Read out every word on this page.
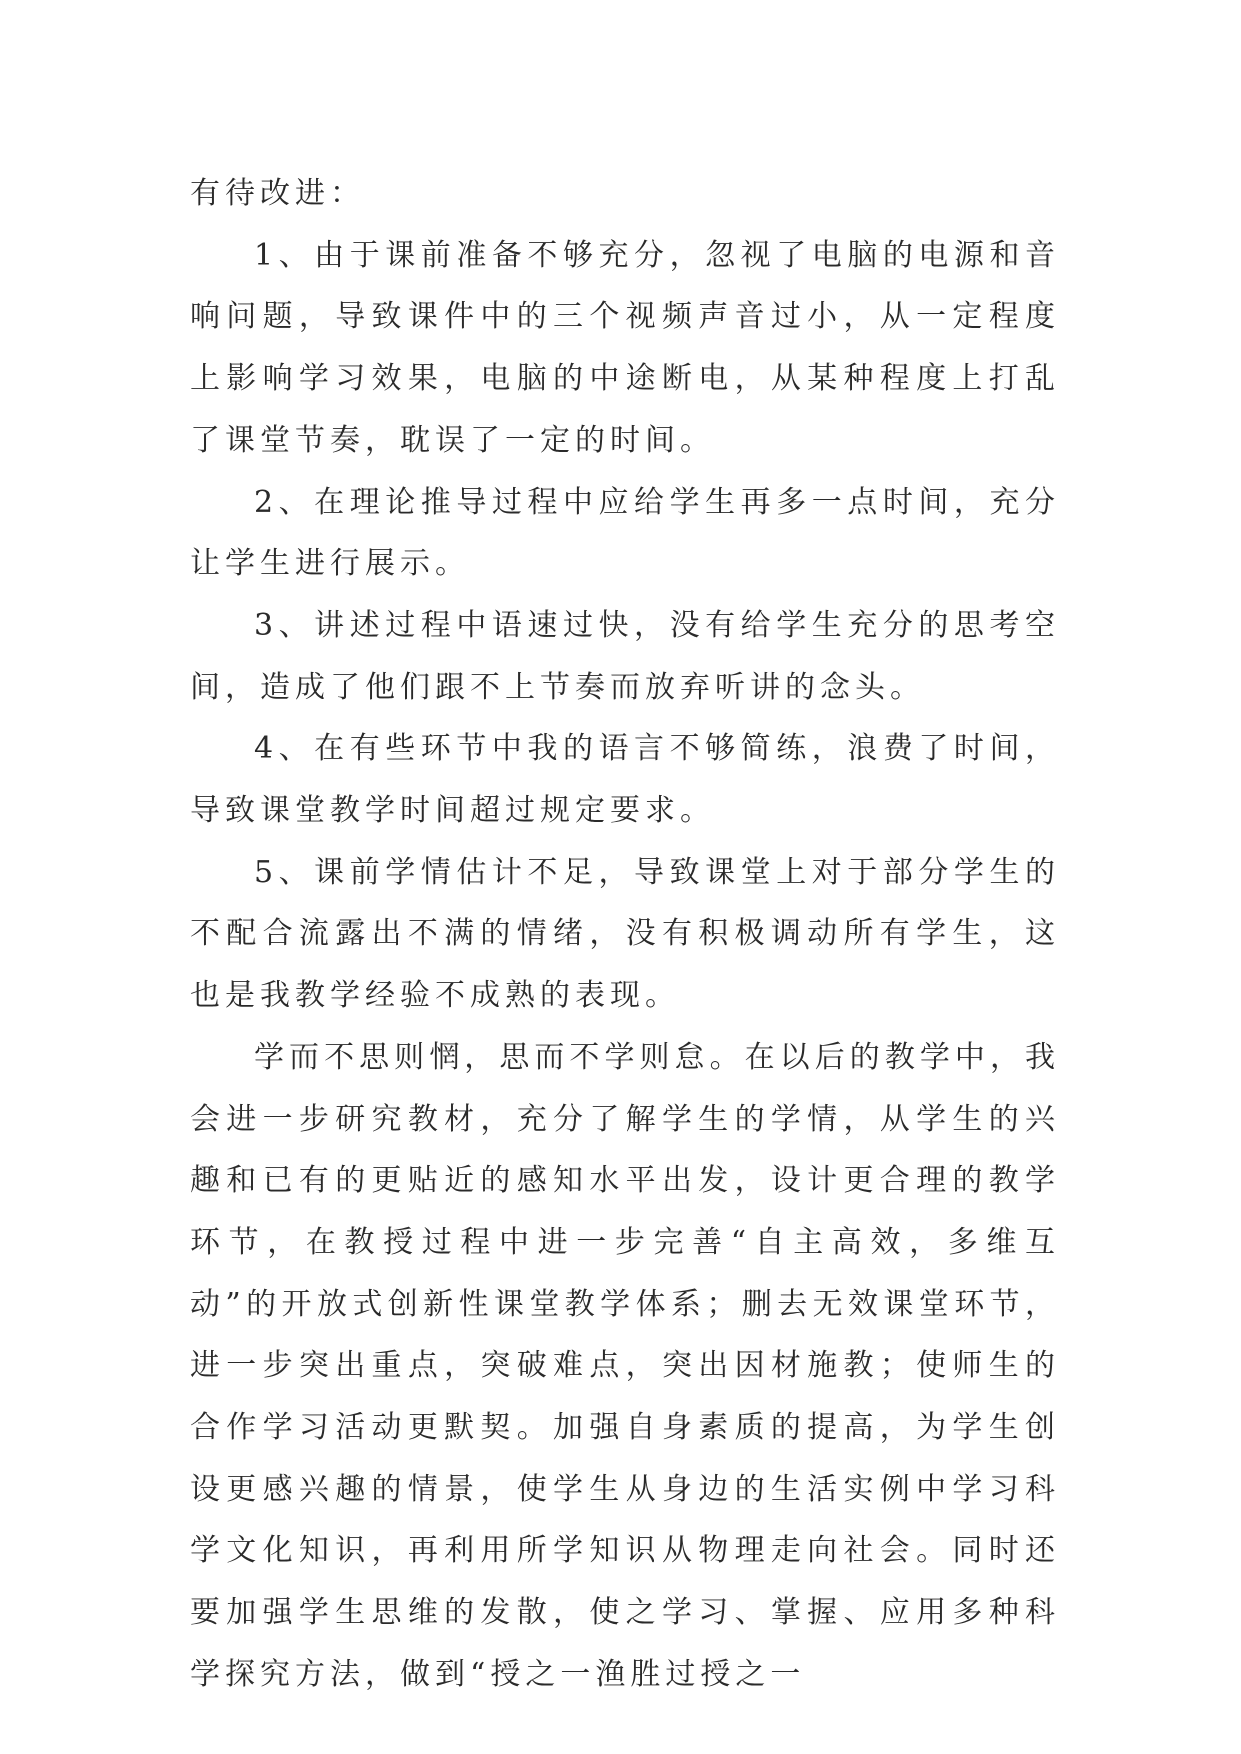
有待改进：

1、由于课前准备不够充分，忽视了电脑的电源和音响问题，导致课件中的三个视频声音过小，从一定程度上影响学习效果，电脑的中途断电，从某种程度上打乱了课堂节奏，耽误了一定的时间。

2、在理论推导过程中应给学生再多一点时间，充分让学生进行展示。

3、讲述过程中语速过快，没有给学生充分的思考空间，造成了他们跟不上节奏而放弃听讲的念头。

4、在有些环节中我的语言不够简练，浪费了时间，导致课堂教学时间超过规定要求。

5、课前学情估计不足，导致课堂上对于部分学生的不配合流露出不满的情绪，没有积极调动所有学生，这也是我教学经验不成熟的表现。

学而不思则惘，思而不学则怠。在以后的教学中，我会进一步研究教材，充分了解学生的学情，从学生的兴趣和已有的更贴近的感知水平出发，设计更合理的教学环节，在教授过程中进一步完善“自主高效，多维互动”的开放式创新性课堂教学体系；删去无效课堂环节，进一步突出重点，突破难点，突出因材施教；使师生的合作学习活动更默契。加强自身素质的提高，为学生创设更感兴趣的情景，使学生从身边的生活实例中学习科学文化知识，再利用所学知识从物理走向社会。同时还要加强学生思维的发散，使之学习、掌握、应用多种科学探究方法，做到“授之一渔胜过授之一
